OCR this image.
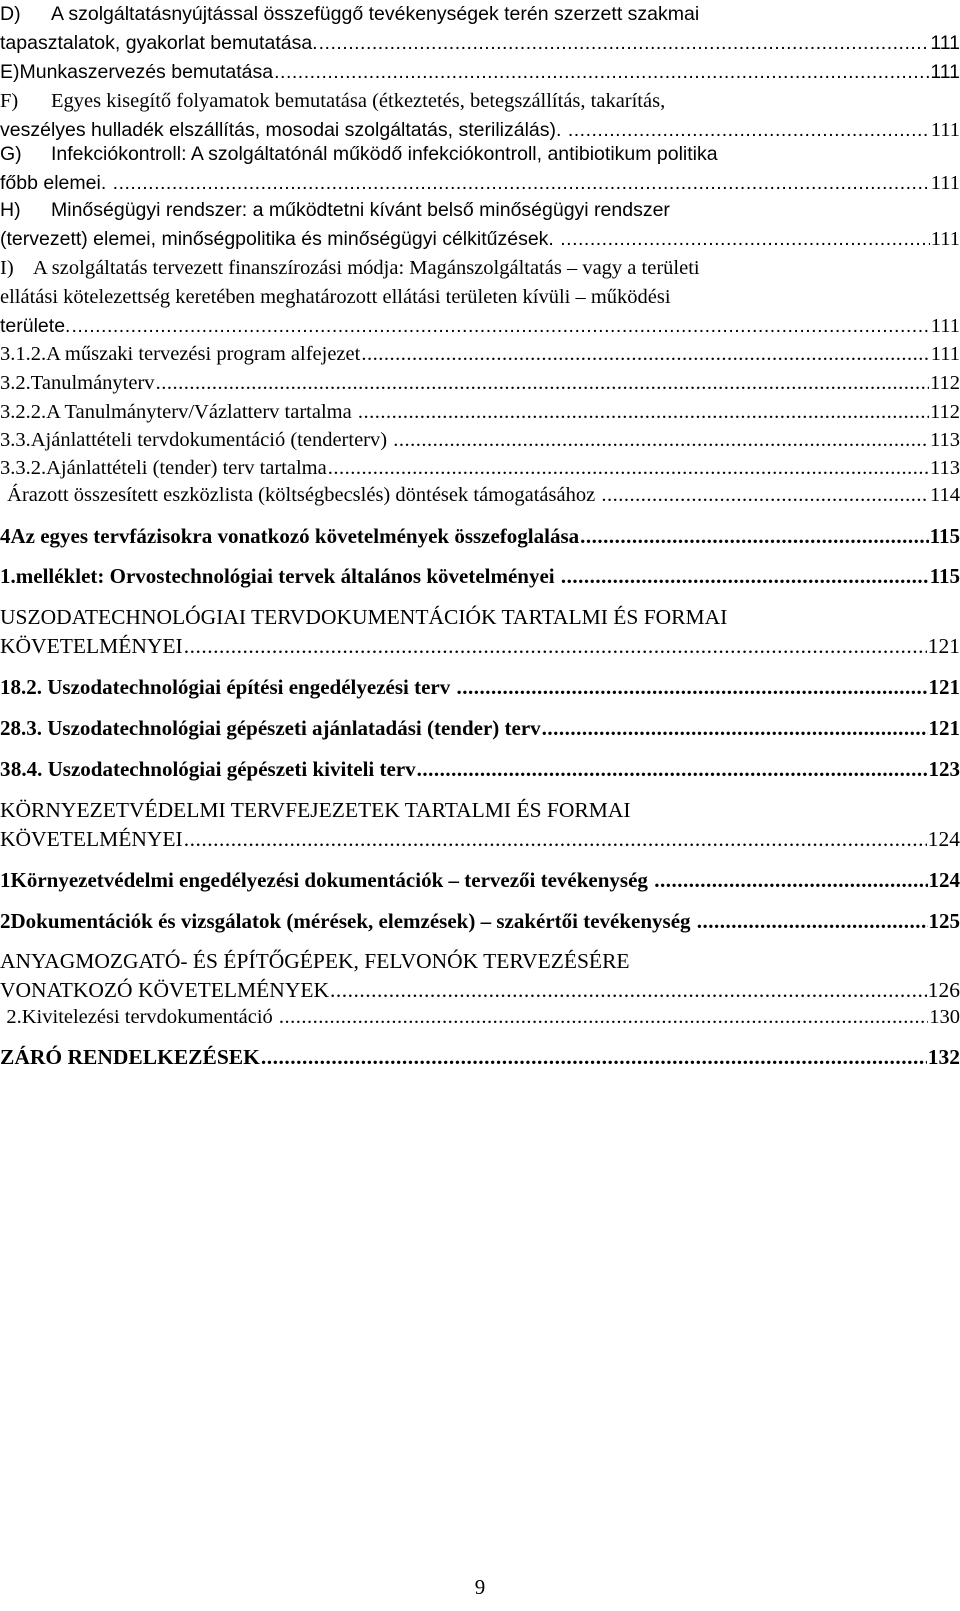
D) A szolgáltatásnyújtással összefüggő tevékenységek terén szerzett szakmai
tapasztalatok, gyakorlat bemutatása. .....	111
E) Munkaszervezés bemutatása .....	111
F) Egyes kisegítő folyamatok bemutatása (étkeztetés, betegszállítás, takarítás,
veszélyes hulladék elszállítás, mosodai szolgáltatás, sterilizálás). .....	111
G) Infekciókontroll: A szolgáltatónál működő infekciókontroll, antibiotikum politika
főbb elemei. .....	111
H) Minőségügyi rendszer: a működtetni kívánt belső minőségügyi rendszer
(tervezett) elemei, minőségpolitika és minőségügyi célkitűzések. .....	111
I) A szolgáltatás tervezett finanszírozási módja: Magánszolgáltatás – vagy a területi
ellátási kötelezettség keretében meghatározott ellátási területen kívüli – működési
területe. .....	111
3.1.2. A műszaki tervezési program alfejezet .....	111
3.2. Tanulmányterv .....	112
3.2.2. A Tanulmányterv/Vázlatterv tartalma .....	112
3.3. Ajánlattételi tervdokumentáció (tenderterv) .....	113
3.3.2. Ajánlattételi (tender) terv tartalma .....	113
Árazott összesített eszközlista (költségbecslés) döntések támogatásához .....	114
4 Az egyes tervfázisokra vonatkozó követelmények összefoglalása .....	115
1.melléklet: Orvostechnológiai tervek általános követelményei .....	115
USZODATECHNOLÓGIAI TERVDOKUMENTÁCIÓK TARTALMI ÉS FORMAI
KÖVETELMÉNYEI .....	121
1 8.2. Uszodatechnológiai építési engedélyezési terv .....	121
2 8.3. Uszodatechnológiai gépészeti ajánlatadási (tender) terv .....	121
3 8.4. Uszodatechnológiai gépészeti kiviteli terv .....	123
KÖRNYEZETVÉDELMI TERVFEJEZETEK TARTALMI ÉS FORMAI
KÖVETELMÉNYEI .....	124
1 Környezetvédelmi engedélyezési dokumentációk – tervezői tevékenység .....	124
2 Dokumentációk és vizsgálatok (mérések, elemzések) – szakértői tevékenység .....	125
ANYAGMOZGATÓ- ÉS ÉPÍTŐGÉPEK, FELVONÓK TERVEZÉSÉRE
VONATKOZÓ KÖVETELMÉNYEK .....	126
2. Kivitelezési tervdokumentáció .....	130
ZÁRÓ RENDELKEZÉSEK .....	132
9
